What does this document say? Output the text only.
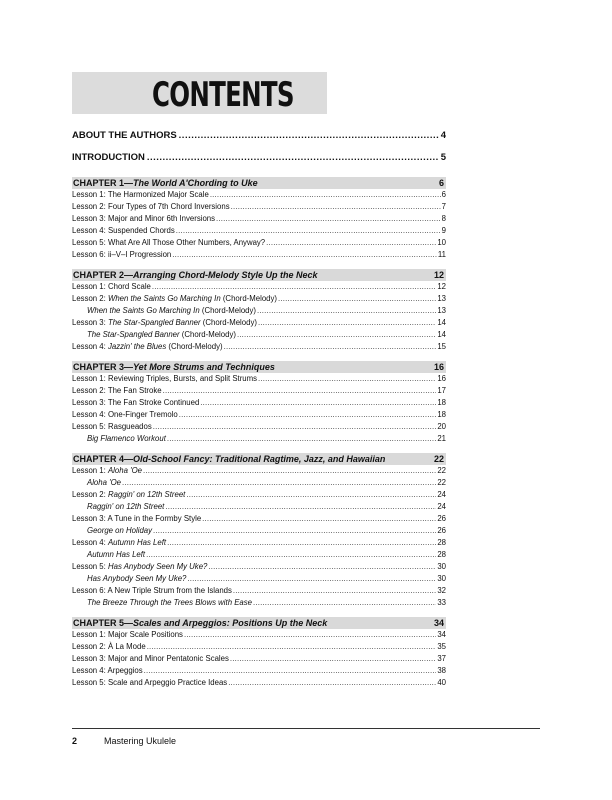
CONTENTS
ABOUT THE AUTHORS .....	4
INTRODUCTION .....	5
CHAPTER 1—The World A'Chording to Uke	6
Lesson 1: The Harmonized Major Scale .....	6
Lesson 2: Four Types of 7th Chord Inversions .....	7
Lesson 3: Major and Minor 6th Inversions .....	8
Lesson 4: Suspended Chords .....	9
Lesson 5: What Are All Those Other Numbers, Anyway? .....	10
Lesson 6: ii–V–I Progression .....	11
CHAPTER 2—Arranging Chord-Melody Style Up the Neck	12
Lesson 1: Chord Scale .....	12
Lesson 2: When the Saints Go Marching In (Chord-Melody) .....	13
When the Saints Go Marching In (Chord-Melody) .....	13
Lesson 3: The Star-Spangled Banner (Chord-Melody) .....	14
The Star-Spangled Banner (Chord-Melody) .....	14
Lesson 4: Jazzin' the Blues (Chord-Melody) .....	15
CHAPTER 3—Yet More Strums and Techniques	16
Lesson 1: Reviewing Triples, Bursts, and Split Strums .....	16
Lesson 2: The Fan Stroke .....	17
Lesson 3: The Fan Stroke Continued .....	18
Lesson 4: One-Finger Tremolo .....	18
Lesson 5: Rasgueados .....	20
Big Flamenco Workout .....	21
CHAPTER 4—Old-School Fancy: Traditional Ragtime, Jazz, and Hawaiian	22
Lesson 1: Aloha 'Oe .....	22
Aloha 'Oe .....	22
Lesson 2: Raggin' on 12th Street .....	24
Raggin' on 12th Street .....	24
Lesson 3: A Tune in the Formby Style .....	26
George on Holiday .....	26
Lesson 4: Autumn Has Left .....	28
Autumn Has Left .....	28
Lesson 5: Has Anybody Seen My Uke? .....	30
Has Anybody Seen My Uke? .....	30
Lesson 6: A New Triple Strum from the Islands .....	32
The Breeze Through the Trees Blows with Ease .....	33
CHAPTER 5—Scales and Arpeggios: Positions Up the Neck	34
Lesson 1: Major Scale Positions .....	34
Lesson 2: À La Mode .....	35
Lesson 3: Major and Minor Pentatonic Scales .....	37
Lesson 4: Arpeggios .....	38
Lesson 5: Scale and Arpeggio Practice Ideas .....	40
2	Mastering Ukulele
